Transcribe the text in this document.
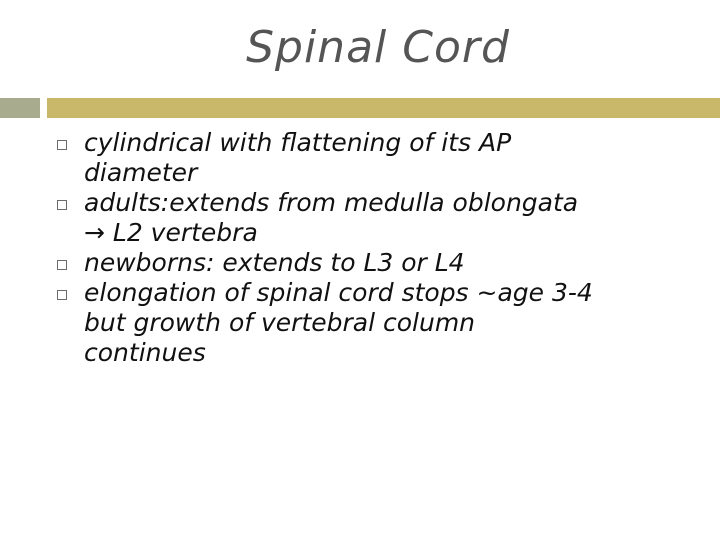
Spinal Cord
cylindrical with flattening of its AP
diameter
adults:extends from medulla oblongata
→ L2 vertebra
newborns: extends to L3 or L4
elongation of spinal cord stops ~age 3-4
but growth of vertebral column
continues
